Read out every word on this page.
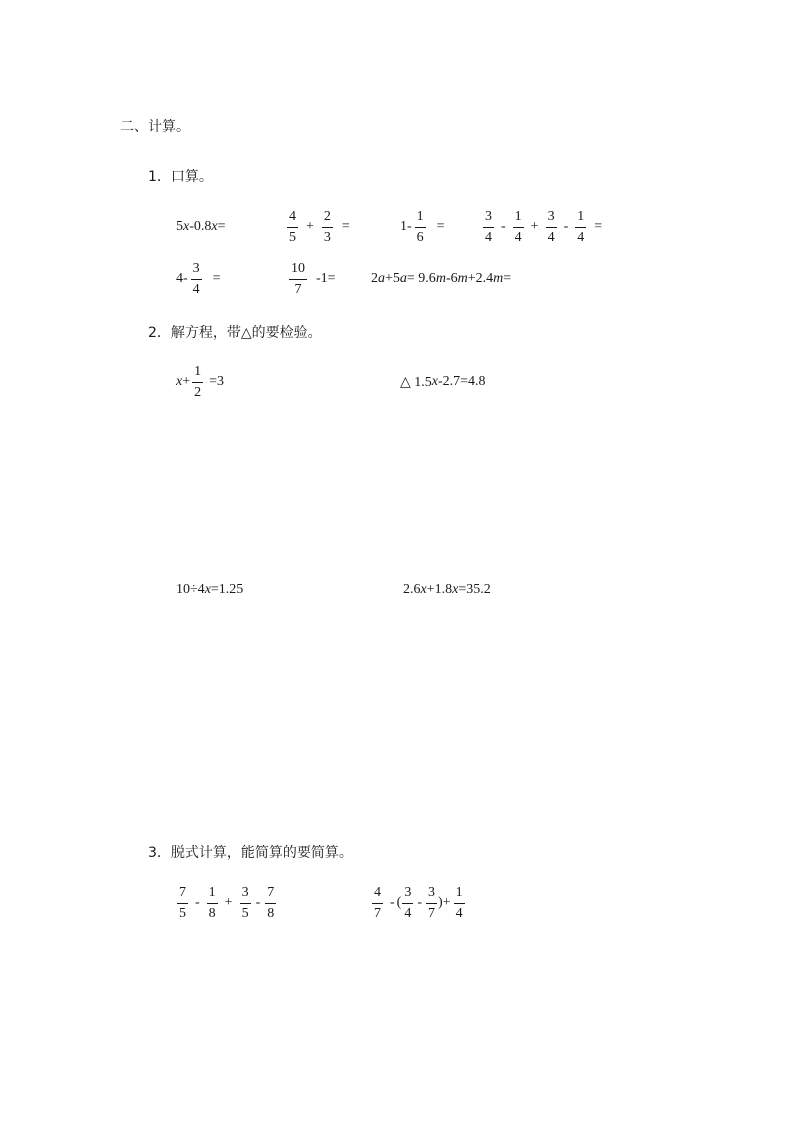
二、计算。
1．口算。
5 x -0.8 x =	$\frac{4}{5} + \frac{2}{3}$ =	$1- \frac{1}{6}$ =	$\frac{3}{4} - \frac{1}{4} + \frac{3}{4} - \frac{1}{4}$ =
$4- \frac{3}{4}$ =	$\frac{10}{7} -1=$	2 a +5 a = 9.6 m -6 m +2.4 m =
2．解方程，带△的要检验。
$x + \frac{1}{2} =3$	△ 1.5 x -2.7=4.8
10÷4 x =1.25	2.6 x +1.8 x =35.2
3．脱式计算，能简算的要简算。
$\frac{7}{5} - \frac{1}{8} + \frac{3}{5} - \frac{7}{8}$	$\frac{4}{7}$ - ( $\frac{3}{4} - \frac{3}{7}$ )+ $\frac{1}{4}$
